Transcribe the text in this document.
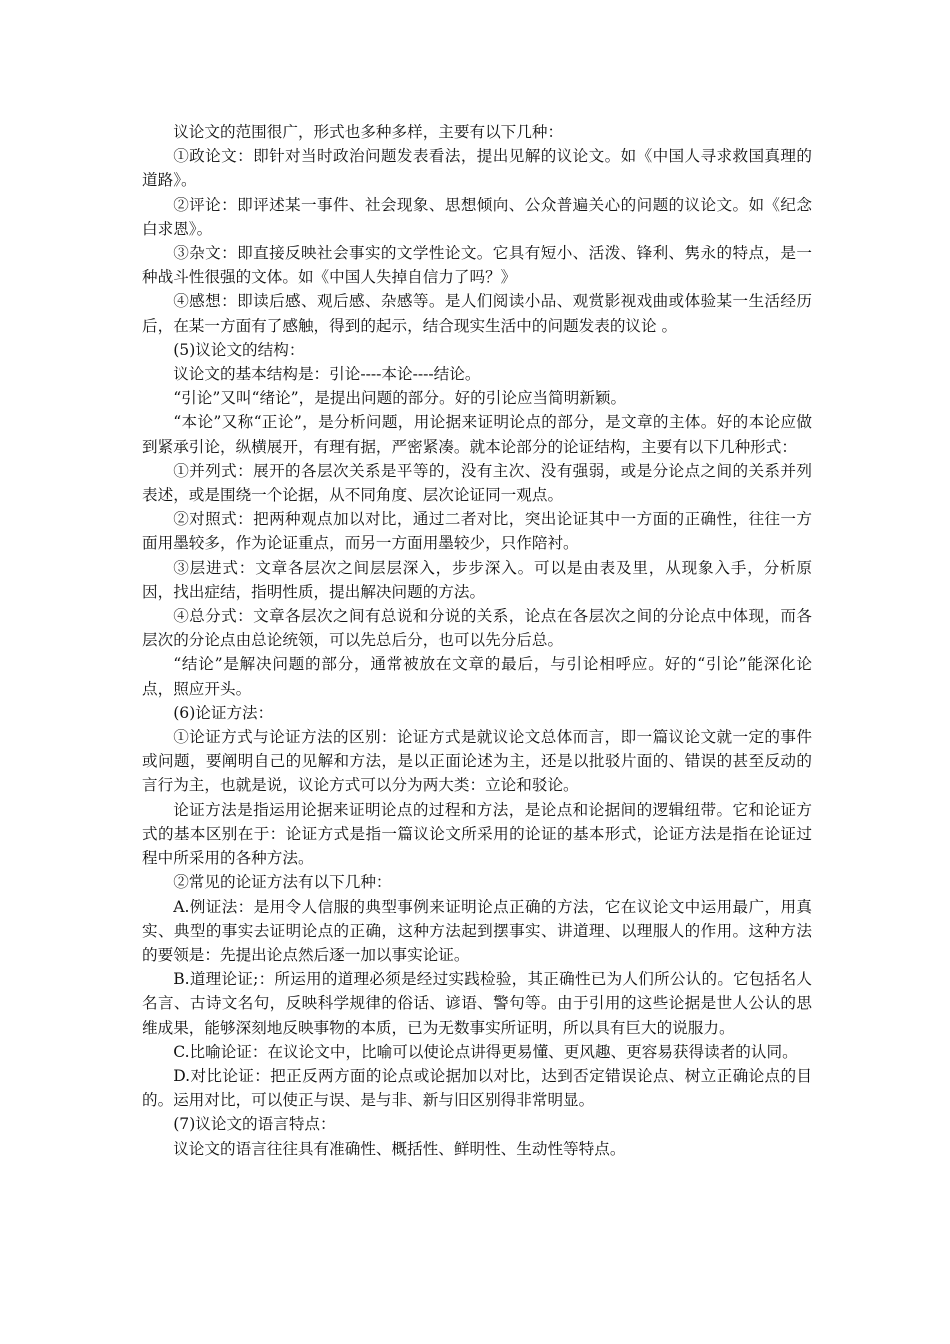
议论文的范围很广，形式也多种多样，主要有以下几种：

①政论文：即针对当时政治问题发表看法，提出见解的议论文。如《中国人寻求救国真理的道路》。

②评论：即评述某一事件、社会现象、思想倾向、公众普遍关心的问题的议论文。如《纪念白求恩》。

③杂文：即直接反映社会事实的文学性论文。它具有短小、活泼、锋利、隽永的特点，是一种战斗性很强的文体。如《中国人失掉自信力了吗？》

④感想：即读后感、观后感、杂感等。是人们阅读小品、观赏影视戏曲或体验某一生活经历后，在某一方面有了感触，得到的起示，结合现实生活中的问题发表的议论 。

(5)议论文的结构：

议论文的基本结构是：引论----本论----结论。

“引论”又叫“绪论”，是提出问题的部分。好的引论应当简明新颖。

“本论”又称“正论”，是分析问题，用论据来证明论点的部分，是文章的主体。好的本论应做到紧承引论，纵横展开，有理有据，严密紧凑。就本论部分的论证结构，主要有以下几种形式：

①并列式：展开的各层次关系是平等的，没有主次、没有强弱，或是分论点之间的关系并列表述，或是围绕一个论据，从不同角度、层次论证同一观点。

②对照式：把两种观点加以对比，通过二者对比，突出论证其中一方面的正确性，往往一方面用墨较多，作为论证重点，而另一方面用墨较少，只作陪衬。

③层进式：文章各层次之间层层深入，步步深入。可以是由表及里，从现象入手，分析原因，找出症结，指明性质，提出解决问题的方法。

④总分式：文章各层次之间有总说和分说的关系，论点在各层次之间的分论点中体现，而各层次的分论点由总论统领，可以先总后分，也可以先分后总。

“结论”是解决问题的部分，通常被放在文章的最后，与引论相呼应。好的“引论”能深化论点，照应开头。

(6)论证方法：

①论证方式与论证方法的区别：论证方式是就议论文总体而言，即一篇议论文就一定的事件或问题，要阐明自己的见解和方法，是以正面论述为主，还是以批驳片面的、错误的甚至反动的言行为主，也就是说，议论方式可以分为两大类：立论和驳论。

论证方法是指运用论据来证明论点的过程和方法，是论点和论据间的逻辑纽带。它和论证方式的基本区别在于：论证方式是指一篇议论文所采用的论证的基本形式，论证方法是指在论证过程中所采用的各种方法。

②常见的论证方法有以下几种：

A.例证法：是用令人信服的典型事例来证明论点正确的方法，它在议论文中运用最广，用真实、典型的事实去证明论点的正确，这种方法起到摆事实、讲道理、以理服人的作用。这种方法的要领是：先提出论点然后逐一加以事实论证。

B.道理论证;：所运用的道理必须是经过实践检验，其正确性已为人们所公认的。它包括名人名言、古诗文名句，反映科学规律的俗话、谚语、警句等。由于引用的这些论据是世人公认的思维成果，能够深刻地反映事物的本质，已为无数事实所证明，所以具有巨大的说服力。

C.比喻论证：在议论文中，比喻可以使论点讲得更易懂、更风趣、更容易获得读者的认同。

D.对比论证：把正反两方面的论点或论据加以对比，达到否定错误论点、树立正确论点的目的。运用对比，可以使正与误、是与非、新与旧区别得非常明显。

(7)议论文的语言特点：

议论文的语言往往具有准确性、概括性、鲜明性、生动性等特点。
